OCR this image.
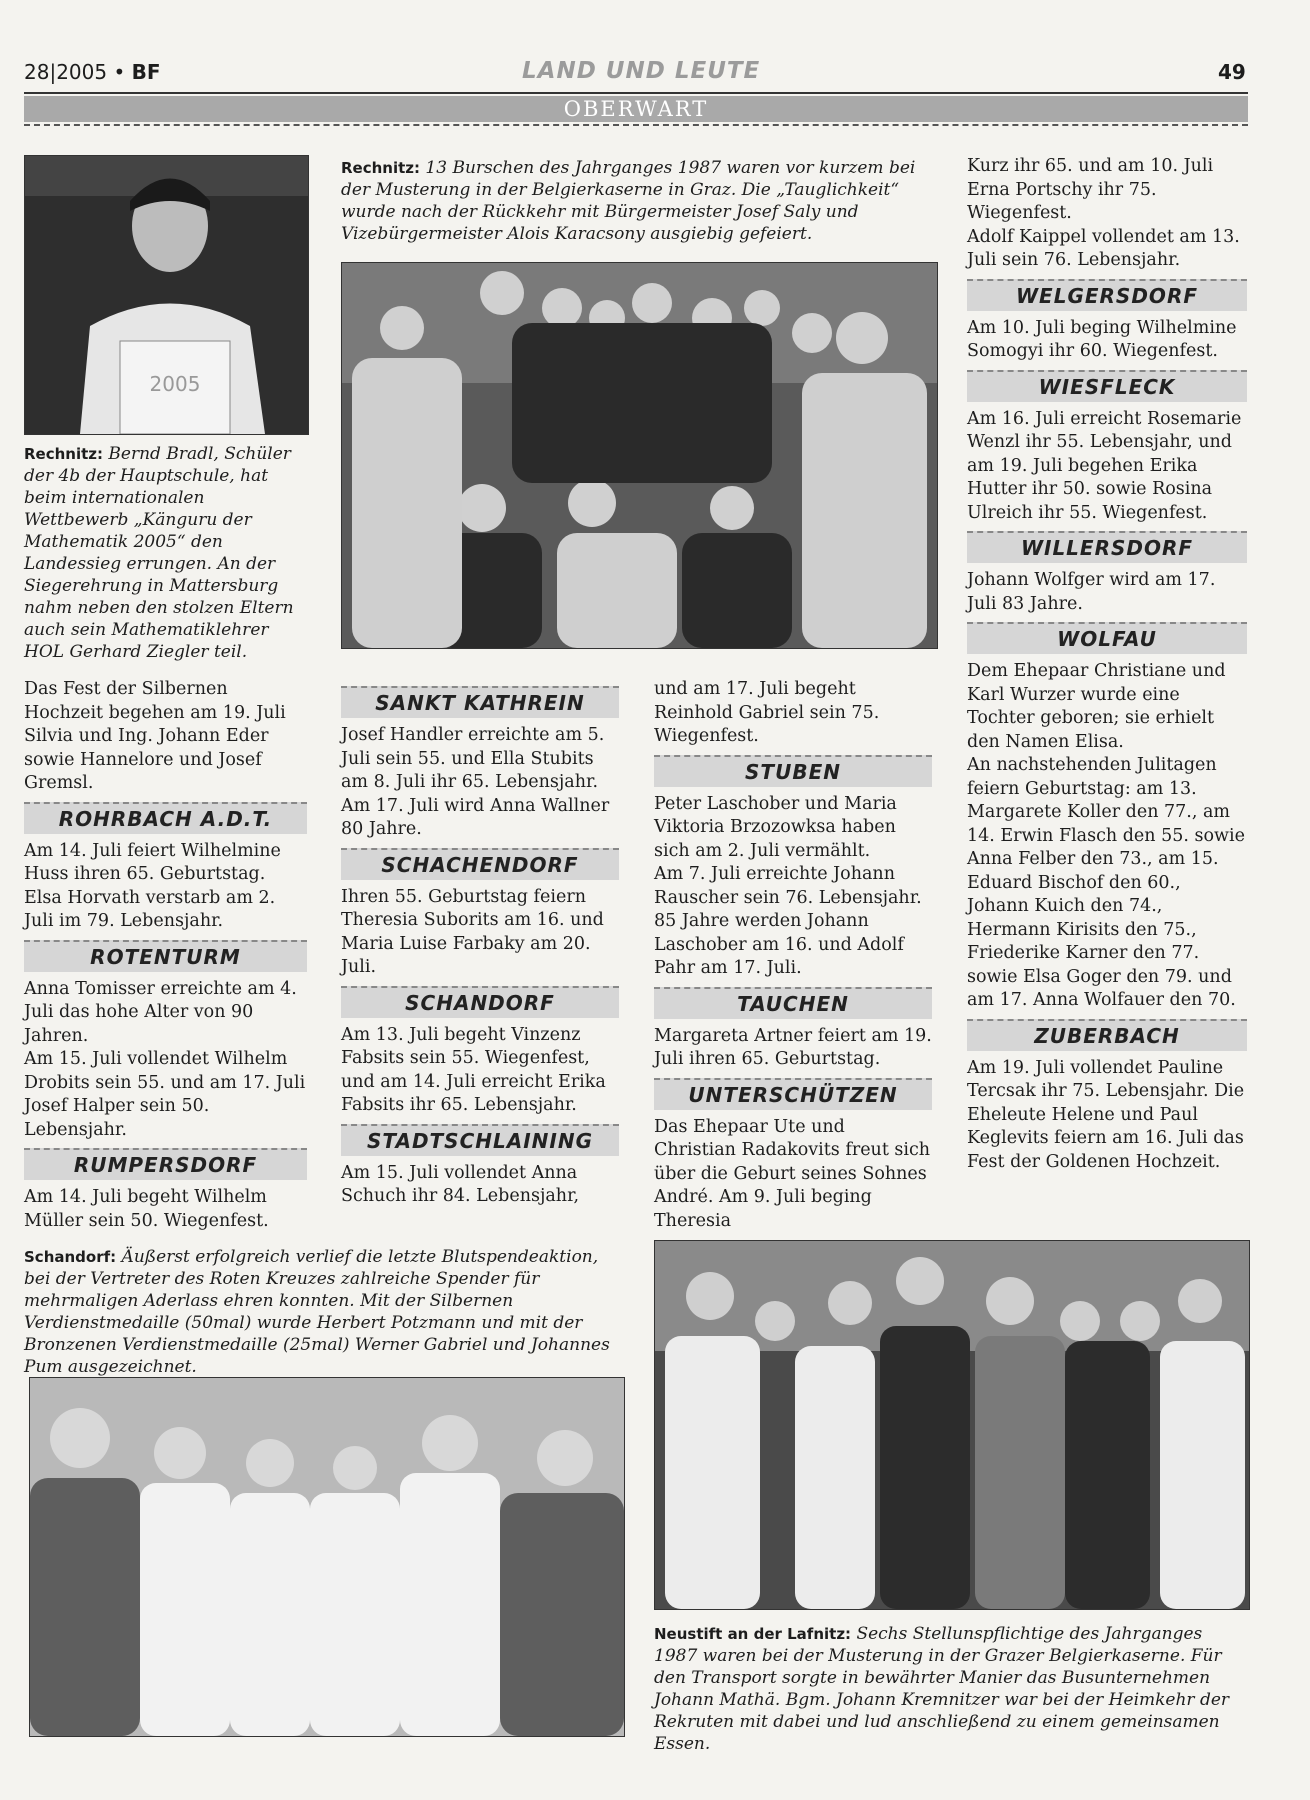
28|2005 • BF	LAND UND LEUTE	49
OBERWART
2005
Rechnitz: Bernd Bradl, Schüler der 4b der Hauptschule, hat beim internationalen Wettbewerb „Känguru der Mathematik 2005“ den Landessieg errungen. An der Siegerehrung in Mattersburg nahm neben den stolzen Eltern auch sein Mathematiklehrer HOL Gerhard Ziegler teil.
Rechnitz: 13 Burschen des Jahrganges 1987 waren vor kurzem bei der Musterung in der Belgierkaserne in Graz. Die „Tauglichkeit“ wurde nach der Rückkehr mit Bürgermeister Josef Saly und Vizebürgermeister Alois Karacsony ausgiebig gefeiert.

Das Fest der Silbernen Hochzeit begehen am 19. Juli Silvia und Ing. Johann Eder sowie Hannelore und Josef Gremsl.

ROHRBACH A.D.T.

Am 14. Juli feiert Wilhelmine Huss ihren 65. Geburtstag. Elsa Horvath verstarb am 2. Juli im 79. Lebensjahr.

ROTENTURM

Anna Tomisser erreichte am 4. Juli das hohe Alter von 90 Jahren.

Am 15. Juli vollendet Wilhelm Drobits sein 55. und am 17. Juli Josef Halper sein 50. Lebensjahr.

RUMPERSDORF

Am 14. Juli begeht Wilhelm Müller sein 50. Wiegenfest.

SANKT KATHREIN

Josef Handler erreichte am 5. Juli sein 55. und Ella Stubits am 8. Juli ihr 65. Lebensjahr. Am 17. Juli wird Anna Wallner 80 Jahre.

SCHACHENDORF

Ihren 55. Geburtstag feiern Theresia Suborits am 16. und Maria Luise Farbaky am 20. Juli.

SCHANDORF

Am 13. Juli begeht Vinzenz Fabsits sein 55. Wiegenfest, und am 14. Juli erreicht Erika Fabsits ihr 65. Lebensjahr.

STADTSCHLAINING

Am 15. Juli vollendet Anna Schuch ihr 84. Lebensjahr,

und am 17. Juli begeht Reinhold Gabriel sein 75. Wiegenfest.

STUBEN

Peter Laschober und Maria Viktoria Brzozowksa haben sich am 2. Juli vermählt.

Am 7. Juli erreichte Johann Rauscher sein 76. Lebensjahr. 85 Jahre werden Johann Laschober am 16. und Adolf Pahr am 17. Juli.

TAUCHEN

Margareta Artner feiert am 19. Juli ihren 65. Geburtstag.

UNTERSCHÜTZEN

Das Ehepaar Ute und Christian Radakovits freut sich über die Geburt seines Sohnes André. Am 9. Juli beging Theresia

Kurz ihr 65. und am 10. Juli Erna Portschy ihr 75. Wiegenfest.

Adolf Kaippel vollendet am 13. Juli sein 76. Lebensjahr.

WELGERSDORF

Am 10. Juli beging Wilhelmine Somogyi ihr 60. Wiegenfest.

WIESFLECK

Am 16. Juli erreicht Rosemarie Wenzl ihr 55. Lebensjahr, und am 19. Juli begehen Erika Hutter ihr 50. sowie Rosina Ulreich ihr 55. Wiegenfest.

WILLERSDORF

Johann Wolfger wird am 17. Juli 83 Jahre.

WOLFAU

Dem Ehepaar Christiane und Karl Wurzer wurde eine Tochter geboren; sie erhielt den Namen Elisa.

An nachstehenden Julitagen feiern Geburtstag: am 13. Margarete Koller den 77., am 14. Erwin Flasch den 55. sowie Anna Felber den 73., am 15. Eduard Bischof den 60., Johann Kuich den 74., Hermann Kirisits den 75., Friederike Karner den 77. sowie Elsa Goger den 79. und am 17. Anna Wolfauer den 70.

ZUBERBACH

Am 19. Juli vollendet Pauline Tercsak ihr 75. Lebensjahr. Die Eheleute Helene und Paul Keglevits feiern am 16. Juli das Fest der Goldenen Hochzeit.

Schandorf: Äußerst erfolgreich verlief die letzte Blutspendeaktion, bei der Vertreter des Roten Kreuzes zahlreiche Spender für mehrmaligen Aderlass ehren konnten. Mit der Silbernen Verdienstmedaille (50mal) wurde Herbert Potzmann und mit der Bronzenen Verdienstmedaille (25mal) Werner Gabriel und Johannes Pum ausgezeichnet.
Neustift an der Lafnitz: Sechs Stellunspflichtige des Jahrganges 1987 waren bei der Musterung in der Grazer Belgierkaserne. Für den Transport sorgte in bewährter Manier das Busunternehmen Johann Mathä. Bgm. Johann Kremnitzer war bei der Heimkehr der Rekruten mit dabei und lud anschließend zu einem gemeinsamen Essen.
